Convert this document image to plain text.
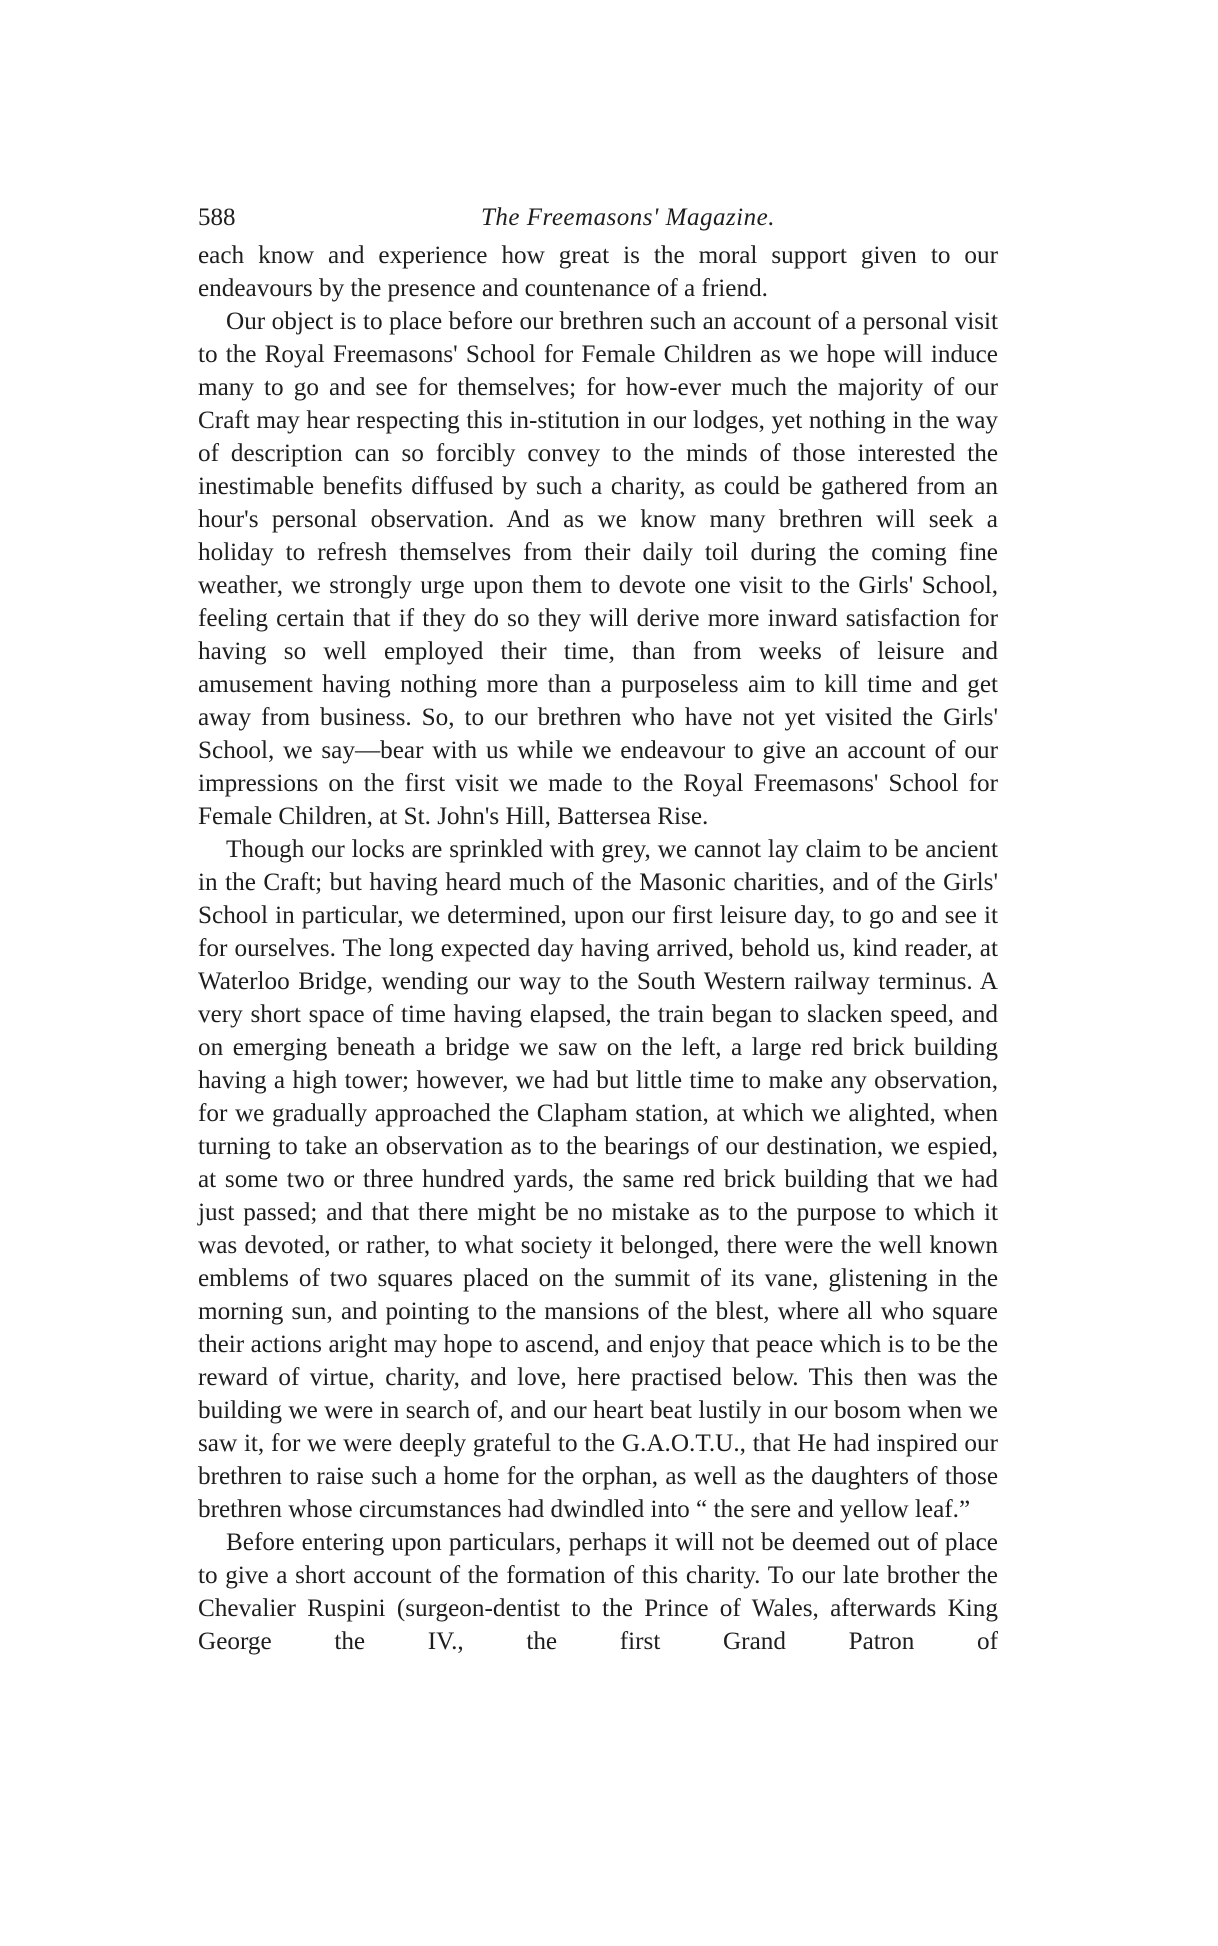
588	The Freemasons' Magazine.

each know and experience how great is the moral support given to our endeavours by the presence and countenance of a friend.

Our object is to place before our brethren such an account of a personal visit to the Royal Freemasons' School for Female Children as we hope will induce many to go and see for themselves; for how-ever much the majority of our Craft may hear respecting this in-stitution in our lodges, yet nothing in the way of description can so forcibly convey to the minds of those interested the inestimable benefits diffused by such a charity, as could be gathered from an hour's personal observation. And as we know many brethren will seek a holiday to refresh themselves from their daily toil during the coming fine weather, we strongly urge upon them to devote one visit to the Girls' School, feeling certain that if they do so they will derive more inward satisfaction for having so well employed their time, than from weeks of leisure and amusement having nothing more than a purposeless aim to kill time and get away from business. So, to our brethren who have not yet visited the Girls' School, we say—bear with us while we endeavour to give an account of our impressions on the first visit we made to the Royal Freemasons' School for Female Children, at St. John's Hill, Battersea Rise.

Though our locks are sprinkled with grey, we cannot lay claim to be ancient in the Craft; but having heard much of the Masonic charities, and of the Girls' School in particular, we determined, upon our first leisure day, to go and see it for ourselves. The long expected day having arrived, behold us, kind reader, at Waterloo Bridge, wending our way to the South Western railway terminus. A very short space of time having elapsed, the train began to slacken speed, and on emerging beneath a bridge we saw on the left, a large red brick building having a high tower; however, we had but little time to make any observation, for we gradually approached the Clapham station, at which we alighted, when turning to take an observation as to the bearings of our destination, we espied, at some two or three hundred yards, the same red brick building that we had just passed; and that there might be no mistake as to the purpose to which it was devoted, or rather, to what society it belonged, there were the well known emblems of two squares placed on the summit of its vane, glistening in the morning sun, and pointing to the mansions of the blest, where all who square their actions aright may hope to ascend, and enjoy that peace which is to be the reward of virtue, charity, and love, here practised below. This then was the building we were in search of, and our heart beat lustily in our bosom when we saw it, for we were deeply grateful to the G.A.O.T.U., that He had inspired our brethren to raise such a home for the orphan, as well as the daughters of those brethren whose circumstances had dwindled into “ the sere and yellow leaf.”

Before entering upon particulars, perhaps it will not be deemed out of place to give a short account of the formation of this charity. To our late brother the Chevalier Ruspini (surgeon-dentist to the Prince of Wales, afterwards King George the IV., the first Grand Patron of
